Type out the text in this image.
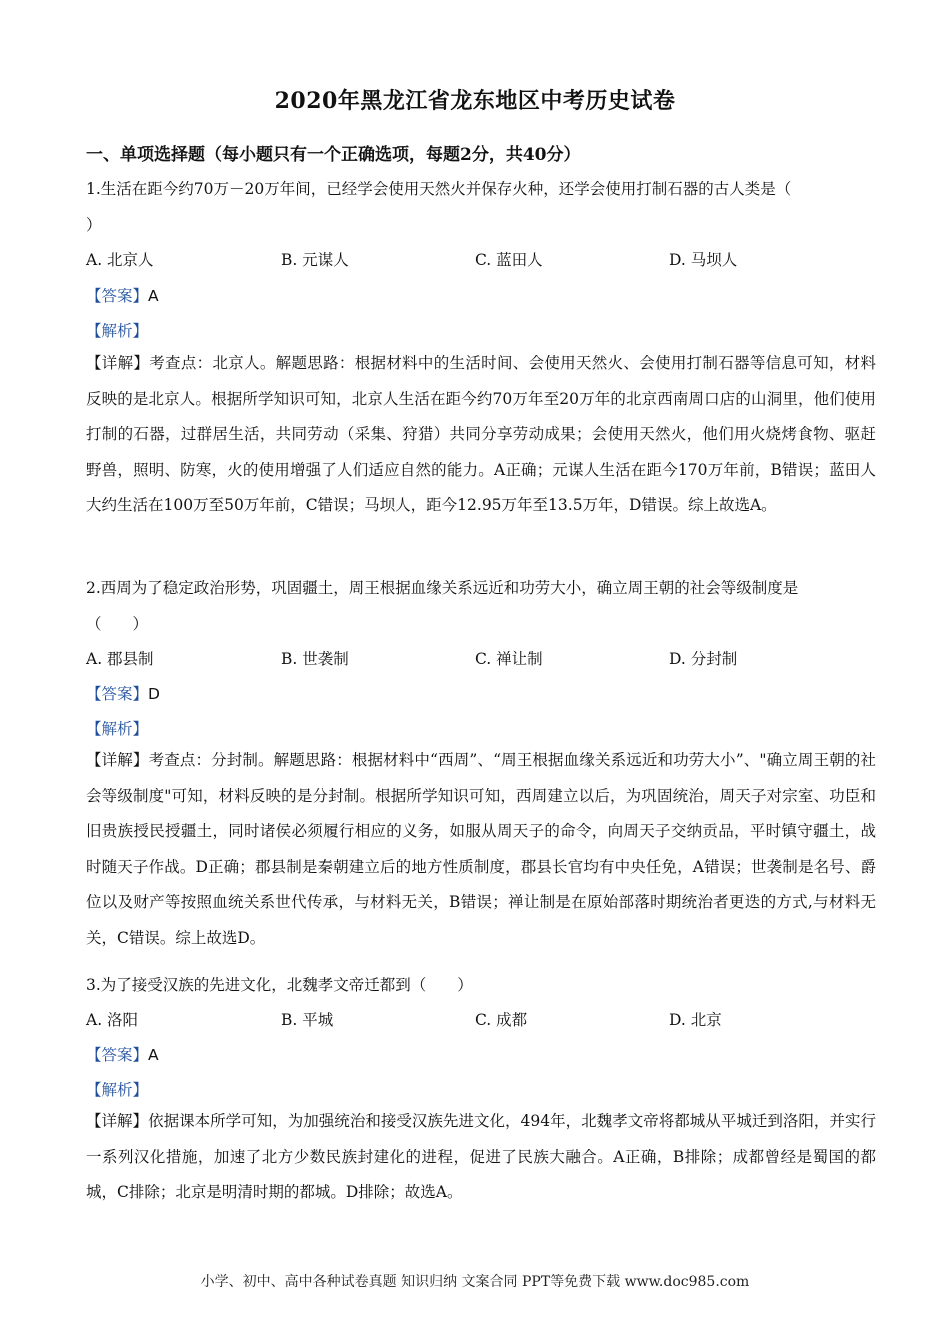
2020年黑龙江省龙东地区中考历史试卷
一、单项选择题（每小题只有一个正确选项，每题2分，共40分）
1.生活在距今约70万－20万年间，已经学会使用天然火并保存火种，还学会使用打制石器的古人类是（
）
A. 北京人	B. 元谋人	C. 蓝田人	D. 马坝人
【答案】A
【解析】
【详解】考查点：北京人。解题思路：根据材料中的生活时间、会使用天然火、会使用打制石器等信息可知，材料反映的是北京人。根据所学知识可知，北京人生活在距今约70万年至20万年的北京西南周口店的山洞里，他们使用打制的石器，过群居生活，共同劳动（采集、狩猎）共同分享劳动成果；会使用天然火，他们用火烧烤食物、驱赶野兽，照明、防寒，火的使用增强了人们适应自然的能力。A正确；元谋人生活在距今170万年前，B错误；蓝田人大约生活在100万至50万年前，C错误；马坝人，距今12.95万年至13.5万年，D错误。综上故选A。
2.西周为了稳定政治形势，巩固疆土，周王根据血缘关系远近和功劳大小，确立周王朝的社会等级制度是
（　　）
A. 郡县制	B. 世袭制	C. 禅让制	D. 分封制
【答案】D
【解析】
【详解】考查点：分封制。解题思路：根据材料中“西周”、“周王根据血缘关系远近和功劳大小”、"确立周王朝的社会等级制度"可知，材料反映的是分封制。根据所学知识可知，西周建立以后，为巩固统治，周天子对宗室、功臣和旧贵族授民授疆土，同时诸侯必须履行相应的义务，如服从周天子的命令，向周天子交纳贡品，平时镇守疆土，战时随天子作战。D正确；郡县制是秦朝建立后的地方性质制度，郡县长官均有中央任免，A错误；世袭制是名号、爵位以及财产等按照血统关系世代传承，与材料无关，B错误；禅让制是在原始部落时期统治者更迭的方式,与材料无关，C错误。综上故选D。
3.为了接受汉族的先进文化，北魏孝文帝迁都到（　　）
A. 洛阳	B. 平城	C. 成都	D. 北京
【答案】A
【解析】
【详解】依据课本所学可知，为加强统治和接受汉族先进文化，494年，北魏孝文帝将都城从平城迁到洛阳，并实行一系列汉化措施，加速了北方少数民族封建化的进程，促进了民族大融合。A正确，B排除；成都曾经是蜀国的都城，C排除；北京是明清时期的都城。D排除；故选A。
小学、初中、高中各种试卷真题 知识归纳 文案合同 PPT等免费下载 www.doc985.com
